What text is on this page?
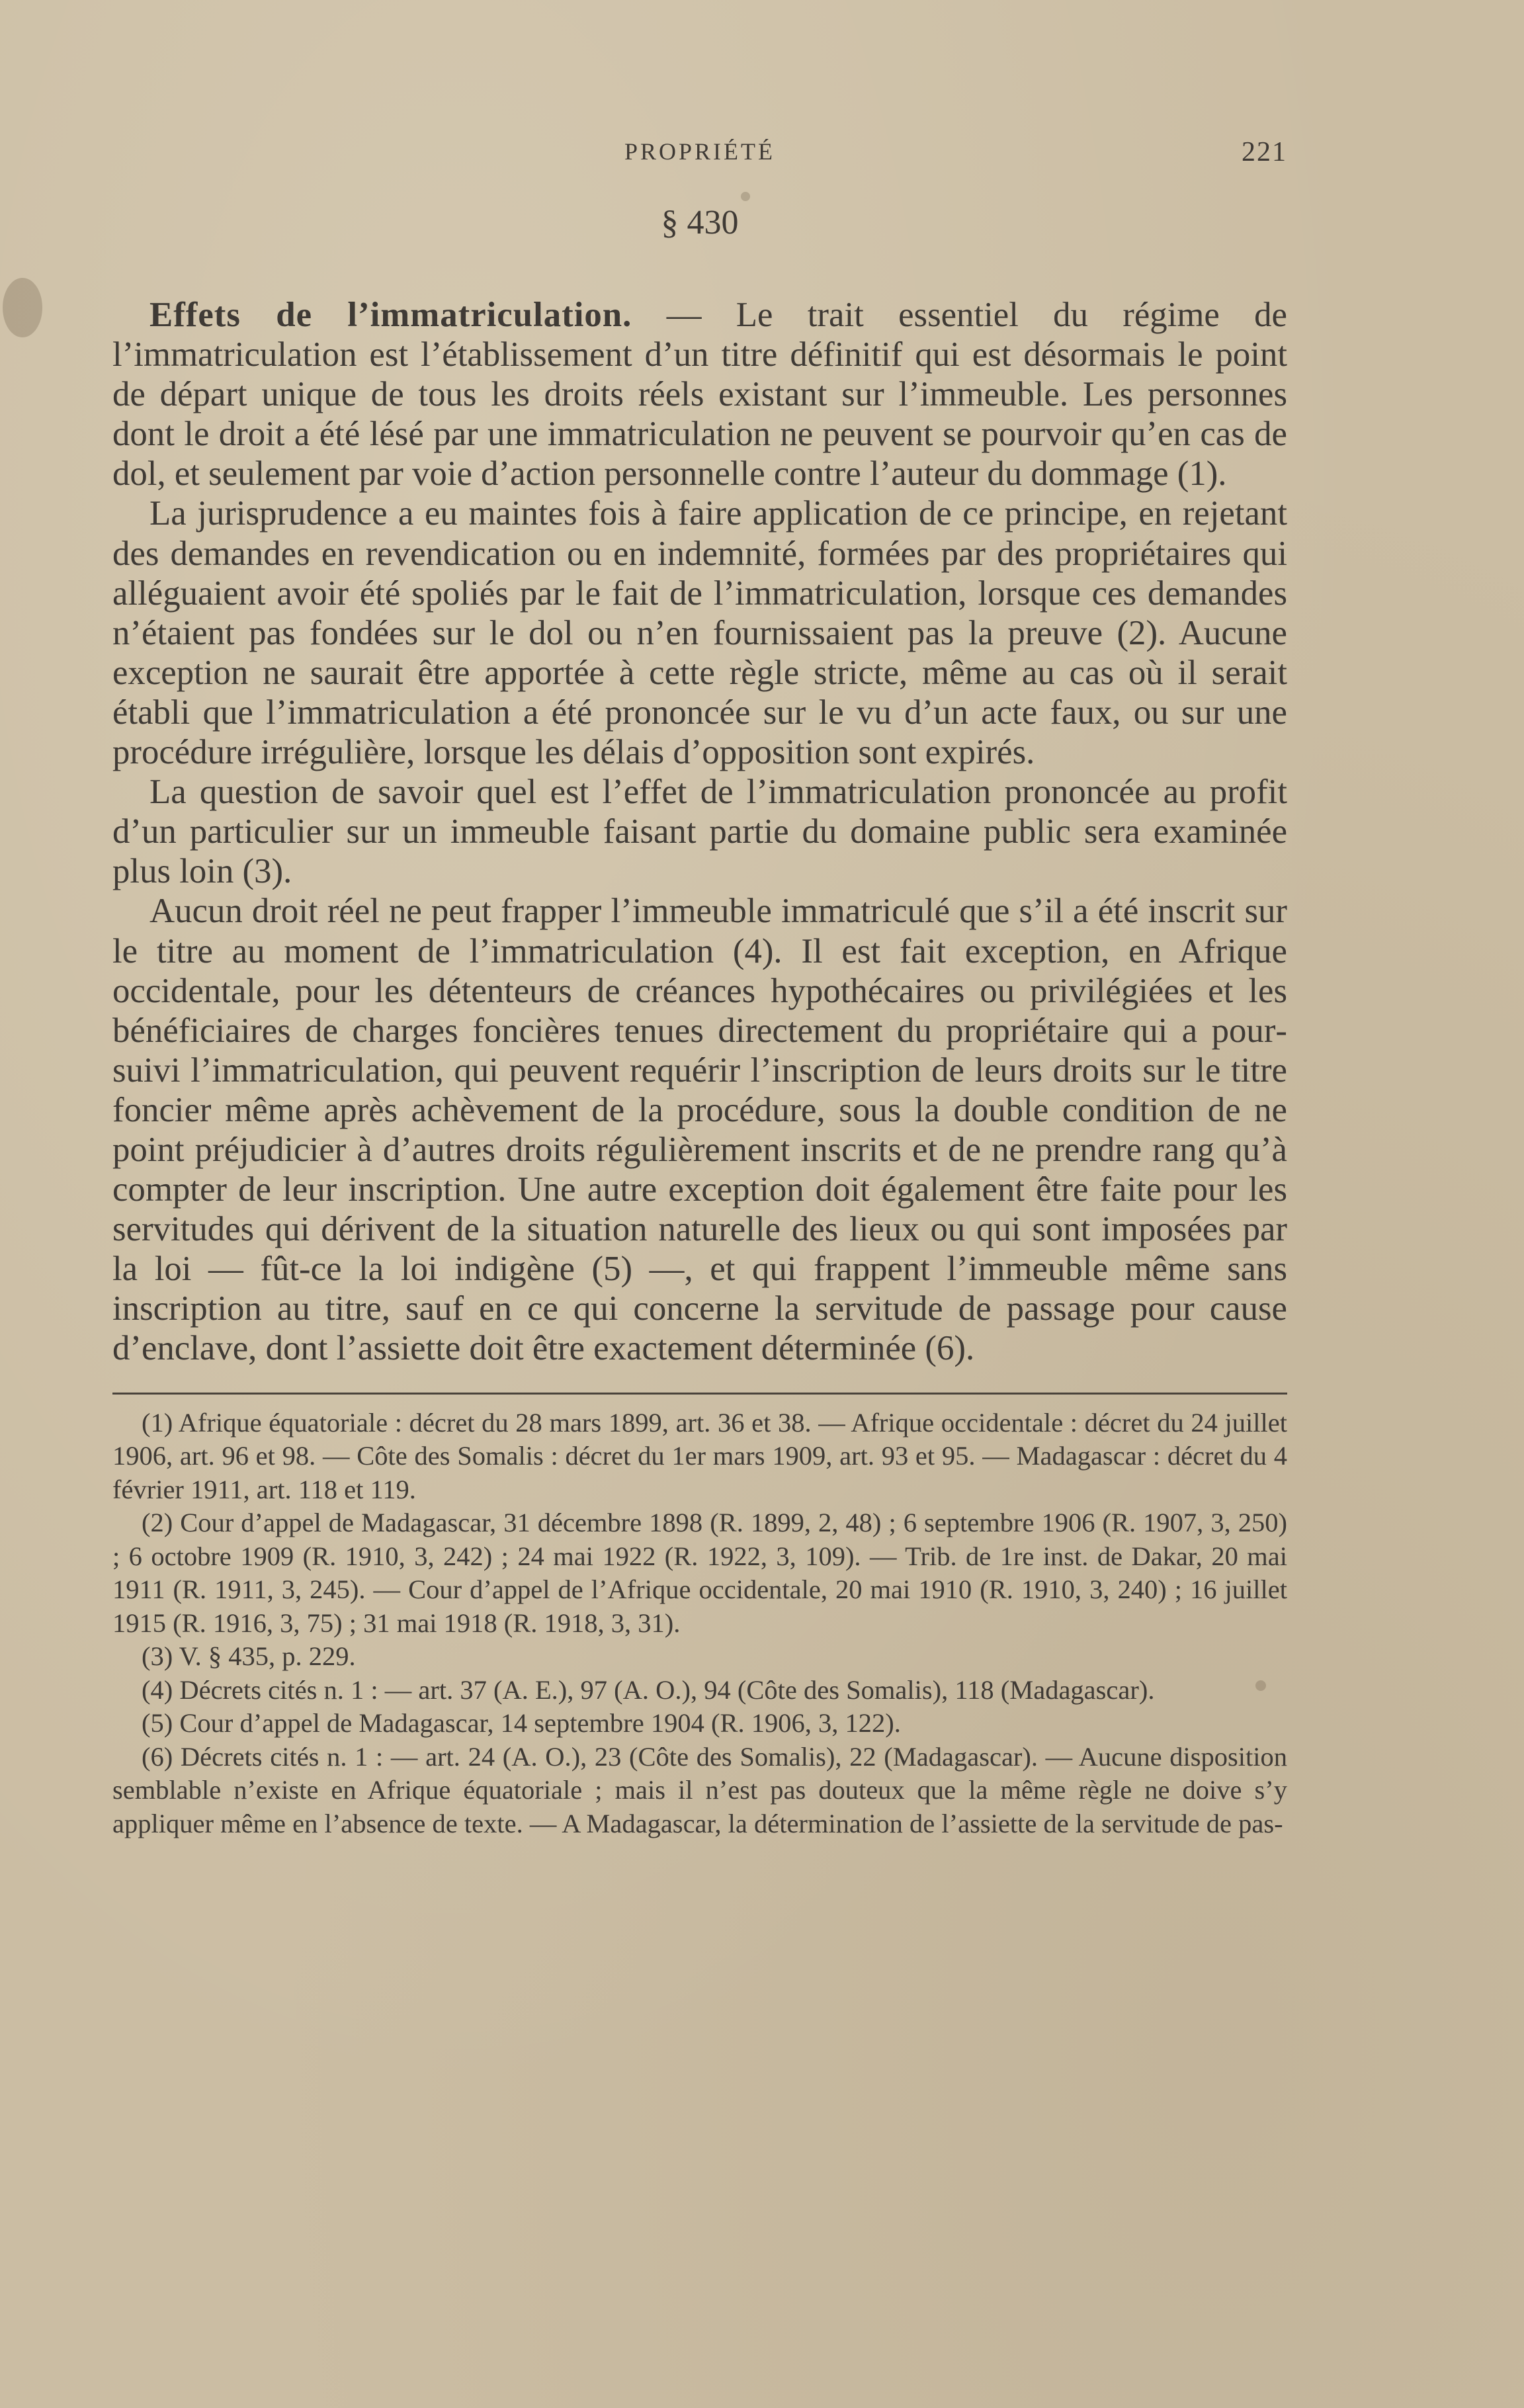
PROPRIÉTÉ	221
§ 430

Effets de l’immatriculation. — Le trait essentiel du régime de l’immatriculation est l’établissement d’un titre définitif qui est désormais le point de départ unique de tous les droits réels existant sur l’immeuble. Les personnes dont le droit a été lésé par une immatriculation ne peuvent se pourvoir qu’en cas de dol, et seulement par voie d’action personnelle contre l’auteur du dommage (1).

La jurisprudence a eu maintes fois à faire application de ce principe, en rejetant des demandes en revendication ou en indemnité, formées par des propriétaires qui alléguaient avoir été spoliés par le fait de l’immatriculation, lorsque ces demandes n’étaient pas fondées sur le dol ou n’en fournissaient pas la preuve (2). Aucune exception ne saurait être apportée à cette règle stricte, même au cas où il serait établi que l’immatriculation a été prononcée sur le vu d’un acte faux, ou sur une procédure irrégulière, lorsque les délais d’opposition sont expirés.

La question de savoir quel est l’effet de l’immatriculation prononcée au profit d’un particulier sur un immeuble faisant partie du domaine public sera examinée plus loin (3).

Aucun droit réel ne peut frapper l’immeuble immatriculé que s’il a été inscrit sur le titre au moment de l’immatriculation (4). Il est fait exception, en Afrique occidentale, pour les détenteurs de créances hypothécaires ou privilégiées et les bénéficiaires de charges foncières tenues directement du propriétaire qui a poursuivi l’immatriculation, qui peuvent requérir l’inscription de leurs droits sur le titre foncier même après achèvement de la procédure, sous la double condition de ne point préjudicier à d’autres droits régulièrement inscrits et de ne prendre rang qu’à compter de leur inscription. Une autre exception doit également être faite pour les servitudes qui dérivent de la situation naturelle des lieux ou qui sont imposées par la loi — fût-ce la loi indigène (5) —, et qui frappent l’immeuble même sans inscription au titre, sauf en ce qui concerne la servitude de passage pour cause d’enclave, dont l’assiette doit être exactement déterminée (6).

(1) Afrique équatoriale : décret du 28 mars 1899, art. 36 et 38. — Afrique occidentale : décret du 24 juillet 1906, art. 96 et 98. — Côte des Somalis : décret du 1er mars 1909, art. 93 et 95. — Madagascar : décret du 4 février 1911, art. 118 et 119.

(2) Cour d’appel de Madagascar, 31 décembre 1898 (R. 1899, 2, 48) ; 6 septembre 1906 (R. 1907, 3, 250) ; 6 octobre 1909 (R. 1910, 3, 242) ; 24 mai 1922 (R. 1922, 3, 109). — Trib. de 1re inst. de Dakar, 20 mai 1911 (R. 1911, 3, 245). — Cour d’appel de l’Afrique occidentale, 20 mai 1910 (R. 1910, 3, 240) ; 16 juillet 1915 (R. 1916, 3, 75) ; 31 mai 1918 (R. 1918, 3, 31).

(3) V. § 435, p. 229.

(4) Décrets cités n. 1 : — art. 37 (A. E.), 97 (A. O.), 94 (Côte des Somalis), 118 (Madagascar).

(5) Cour d’appel de Madagascar, 14 septembre 1904 (R. 1906, 3, 122).

(6) Décrets cités n. 1 : — art. 24 (A. O.), 23 (Côte des Somalis), 22 (Madagascar). — Aucune disposition semblable n’existe en Afrique équatoriale ; mais il n’est pas douteux que la même règle ne doive s’y appliquer même en l’absence de texte. — A Madagascar, la détermination de l’assiette de la servitude de pas-
